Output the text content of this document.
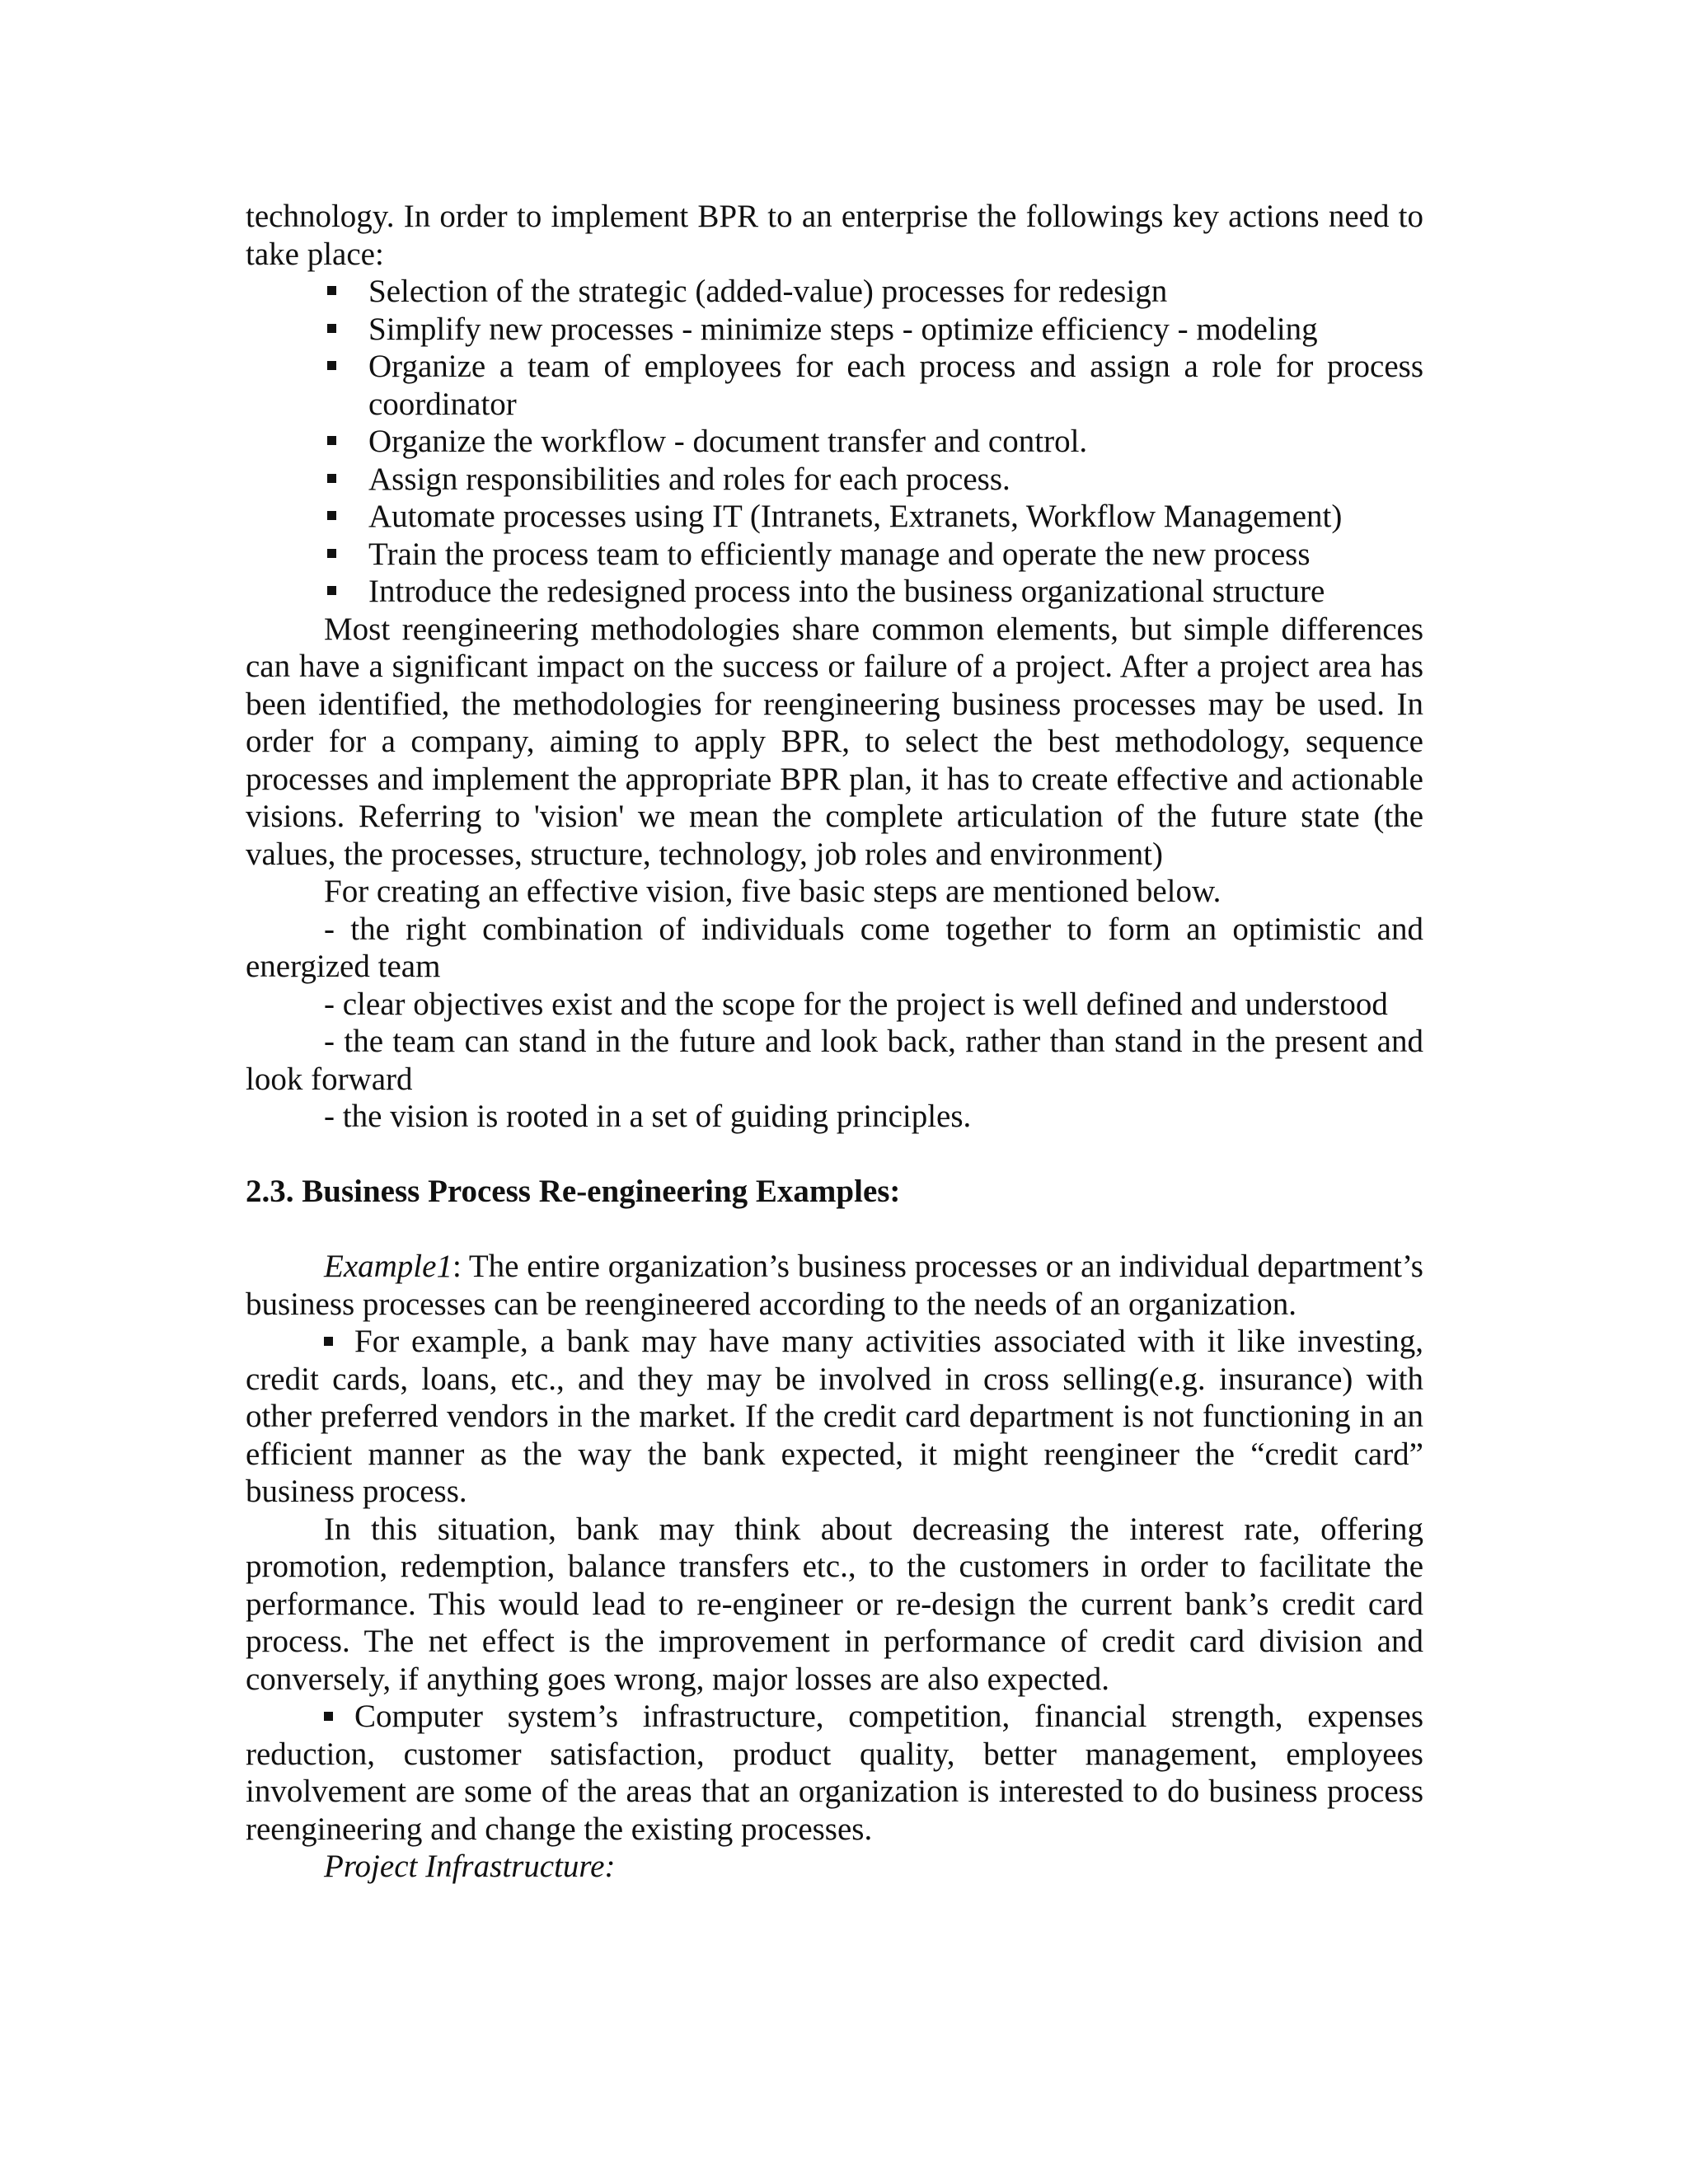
technology. In order to implement BPR to an enterprise the followings key actions need to take place:

Selection of the strategic (added-value) processes for redesign
Simplify new processes - minimize steps - optimize efficiency - modeling
Organize a team of employees for each process and assign a role for process coordinator
Organize the workflow - document transfer and control.
Assign responsibilities and roles for each process.
Automate processes using IT (Intranets, Extranets, Workflow Management)
Train the process team to efficiently manage and operate the new process
Introduce the redesigned process into the business organizational structure

Most reengineering methodologies share common elements, but simple differences can have a significant impact on the success or failure of a project. After a project area has been identified, the methodologies for reengineering business processes may be used. In order for a company, aiming to apply BPR, to select the best methodology, sequence processes and implement the appropriate BPR plan, it has to create effective and actionable visions. Referring to 'vision' we mean the complete articulation of the future state (the values, the processes, structure, technology, job roles and environment)

For creating an effective vision, five basic steps are mentioned below.

- the right combination of individuals come together to form an optimistic and energized team

- clear objectives exist and the scope for the project is well defined and understood

- the team can stand in the future and look back, rather than stand in the present and look forward

- the vision is rooted in a set of guiding principles.

2.3. Business Process Re-engineering Examples:

Example1: The entire organization’s business processes or an individual department’s business processes can be reengineered according to the needs of an organization.

For example, a bank may have many activities associated with it like investing, credit cards, loans, etc., and they may be involved in cross selling(e.g. insurance) with other preferred vendors in the market. If the credit card department is not functioning in an efficient manner as the way the bank expected, it might reengineer the “credit card” business process.

In this situation, bank may think about decreasing the interest rate, offering promotion, redemption, balance transfers etc., to the customers in order to facilitate the performance. This would lead to re-engineer or re-design the current bank’s credit card process. The net effect is the improvement in performance of credit card division and conversely, if anything goes wrong, major losses are also expected.

Computer system’s infrastructure, competition, financial strength, expenses reduction, customer satisfaction, product quality, better management, employees involvement are some of the areas that an organization is interested to do business process reengineering and change the existing processes.

Project Infrastructure:
